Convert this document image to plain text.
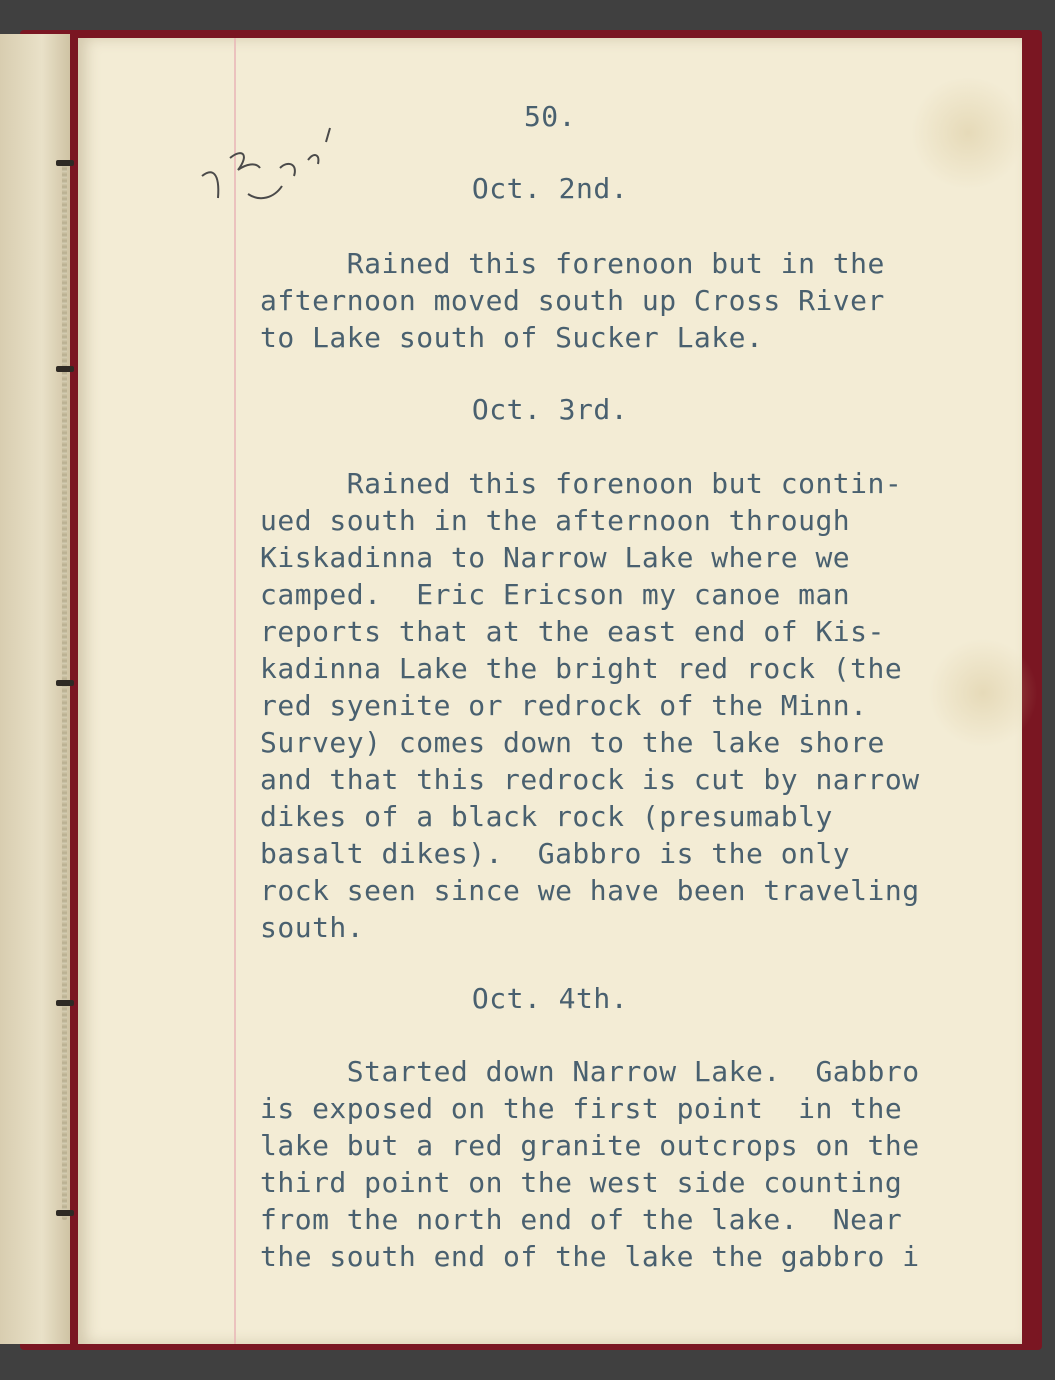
50.

Oct. 2nd.

Rained this forenoon but in the

afternoon moved south up Cross River

to Lake south of Sucker Lake.

Oct. 3rd.

Rained this forenoon but contin-

ued south in the afternoon through

Kiskadinna to Narrow Lake where we

camped.  Eric Ericson my canoe man

reports that at the east end of Kis-

kadinna Lake the bright red rock (the

red syenite or redrock of the Minn.

Survey) comes down to the lake shore

and that this redrock is cut by narrow

dikes of a black rock (presumably

basalt dikes).  Gabbro is the only

rock seen since we have been traveling

south.

Oct. 4th.

Started down Narrow Lake.  Gabbro

is exposed on the first point  in the

lake but a red granite outcrops on the

third point on the west side counting

from the north end of the lake.  Near

the south end of the lake the gabbro i
